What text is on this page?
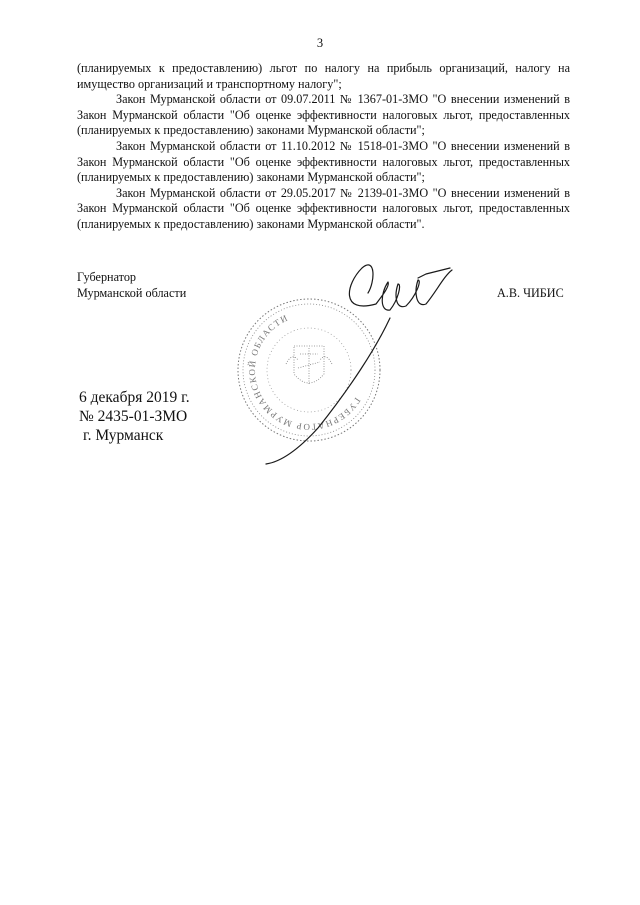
3

(планируемых к предоставлению) льгот по налогу на прибыль организаций, налогу на имущество организаций и транспортному налогу";

Закон Мурманской области от 09.07.2011 № 1367-01-ЗМО "О внесении изменений в Закон Мурманской области "Об оценке эффективности налоговых льгот, предоставленных (планируемых к предоставлению) законами Мурманской области";

Закон Мурманской области от 11.10.2012 № 1518-01-ЗМО "О внесении изменений в Закон Мурманской области "Об оценке эффективности налоговых льгот, предоставленных (планируемых к предоставлению) законами Мурманской области";

Закон Мурманской области от 29.05.2017 № 2139-01-ЗМО "О внесении изменений в Закон Мурманской области "Об оценке эффективности налоговых льгот, предоставленных (планируемых к предоставлению) законами Мурманской области".

Губернатор
Мурманской области
ГУБЕРНАТОР МУРМАНСКОЙ ОБЛАСТИ
А.В. ЧИБИС
6 декабря 2019 г.
№ 2435-01-ЗМО
г. Мурманск
